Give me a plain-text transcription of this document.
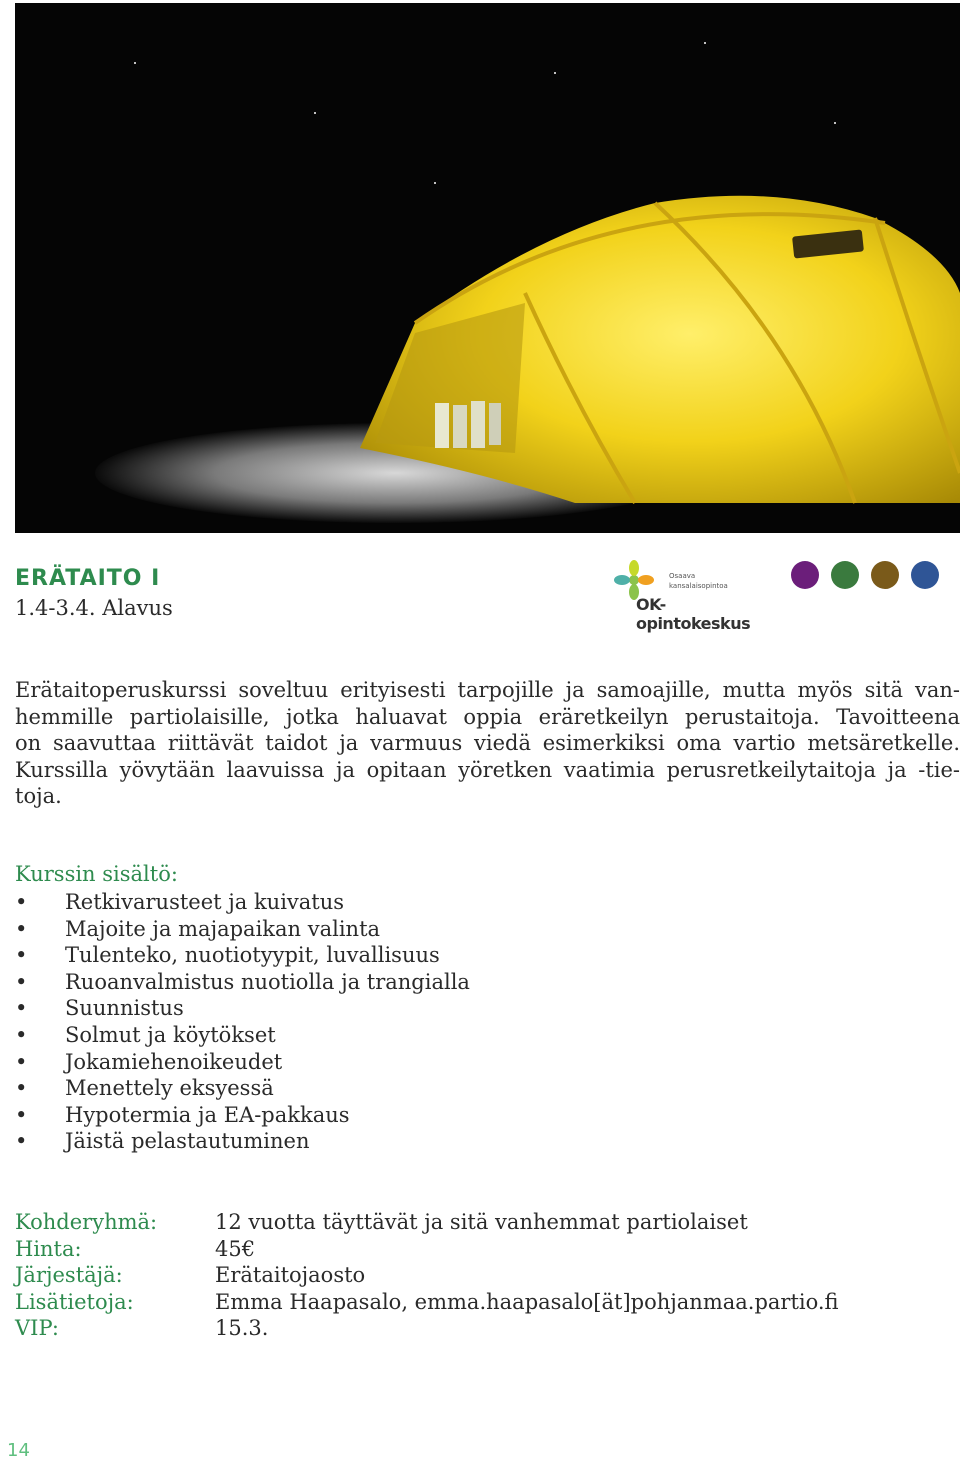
ERÄTAITO I
1.4-3.4. Alavus
Osaava
kansalaisopintoa
OK-opintokeskus

Erätaitoperuskurssi soveltuu erityisesti tarpojille ja samoajille, mutta myös sitä van-
hemmille partiolaisille, jotka haluavat oppia eräretkeilyn perustaitoja. Tavoitteena
on saavuttaa riittävät taidot ja varmuus viedä esimerkiksi oma vartio metsäretkelle.
Kurssilla yövytään laavuissa ja opitaan yöretken vaatimia perusretkeilytaitoja ja -tie-
toja.

Kurssin sisältö:
• Retkivarusteet ja kuivatus
• Majoite ja majapaikan valinta
• Tulenteko, nuotiotyypit, luvallisuus
• Ruoanvalmistus nuotiolla ja trangialla
• Suunnistus
• Solmut ja köytökset
• Jokamiehenoikeudet
• Menettely eksyessä
• Hypotermia ja EA-pakkaus
• Jäistä pelastautuminen
Kohderyhmä:	12 vuotta täyttävät ja sitä vanhemmat partiolaiset
Hinta:	45€
Järjestäjä:	Erätaitojaosto
Lisätietoja:	Emma Haapasalo, emma.haapasalo[ät]pohjanmaa.partio.fi
VIP:	15.3.
14
